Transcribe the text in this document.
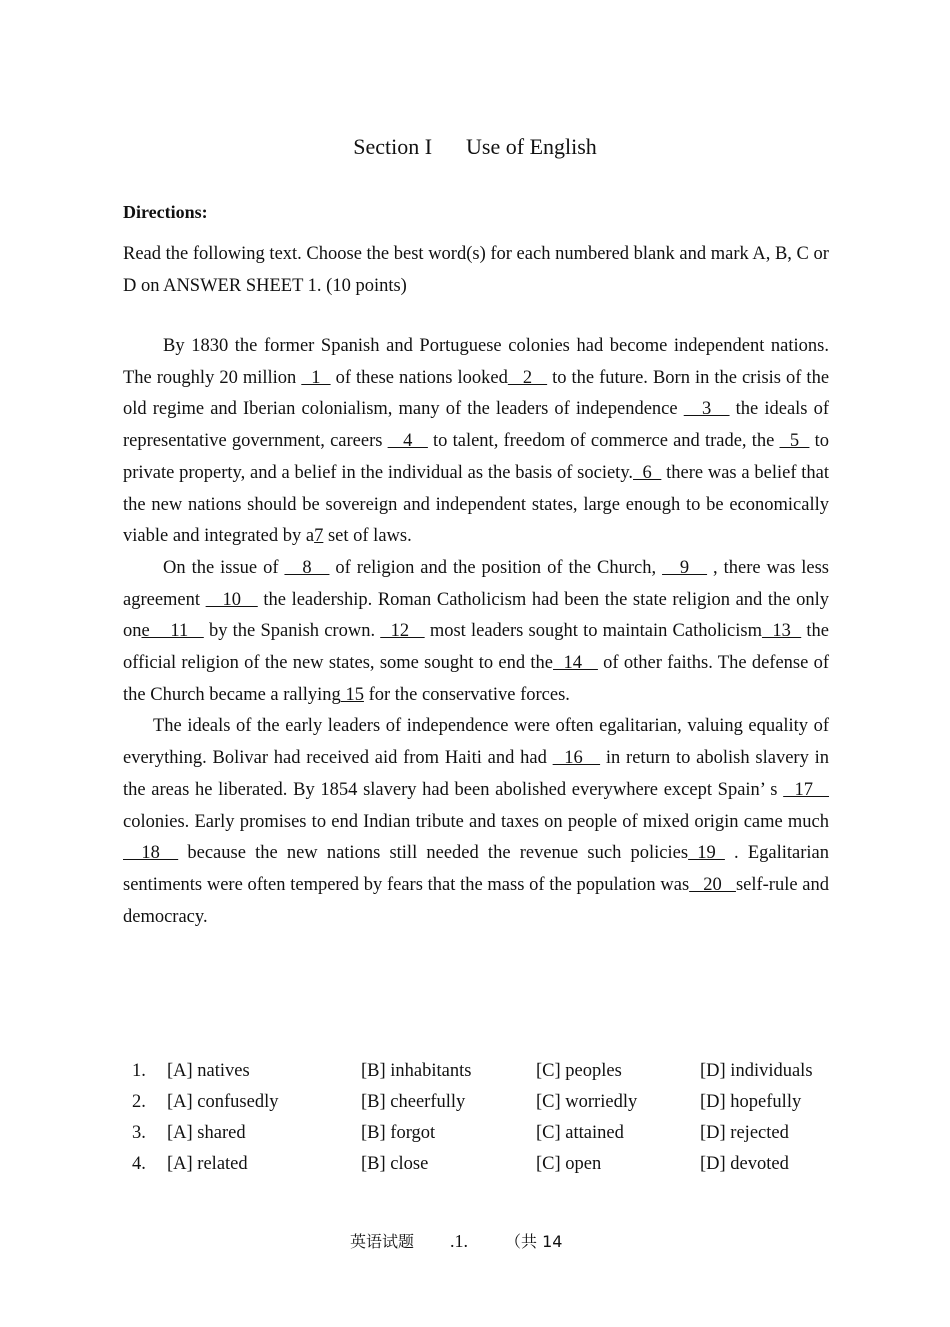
Section I Use of English
Directions:
Read the following text. Choose the best word(s) for each numbered blank and mark A, B, C or D on ANSWER SHEET 1. (10 points)

By 1830 the former Spanish and Portuguese colonies had become independent nations. The roughly 20 million   1   of these nations looked   2    to the future. Born in the crisis of the old regime and Iberian colonialism, many of the leaders of independence    3    the ideals of representative government, careers    4    to talent, freedom of commerce and trade, the   5   to private property, and a belief in the individual as the basis of society.  6   there was a belief that the new nations should be sovereign and independent states, large enough to be economically viable and integrated by a7 set of laws.

On the issue of    8    of religion and the position of the Church,    9    , there was less agreement    10    the leadership. Roman Catholicism had been the state religion and the only one    11    by the Spanish crown.   12    most leaders sought to maintain Catholicism  13   the official religion of the new states, some sought to end the  14    of other faiths. The defense of the Church became a rallying 15 for the conservative forces.

The ideals of the early leaders of independence were often egalitarian, valuing equality of everything. Bolivar had received aid from Haiti and had   16    in return to abolish slavery in the areas he liberated. By 1854 slavery had been abolished everywhere except Spain’ s   17    colonies. Early promises to end Indian tribute and taxes on people of mixed origin came much   18   because the new nations still needed the revenue such policies 19  . Egalitarian sentiments were often tempered by fears that the mass of the population was   20   self-rule and democracy.

1. [A] natives	[B] inhabitants	[C] peoples	[D] individuals
2. [A] confusedly	[B] cheerfully	[C] worriedly	[D] hopefully
3. [A] shared	[B] forgot	[C] attained	[D] rejected
4. [A] related	[B] close	[C] open	[D] devoted
英语试题 .1. （共 14
